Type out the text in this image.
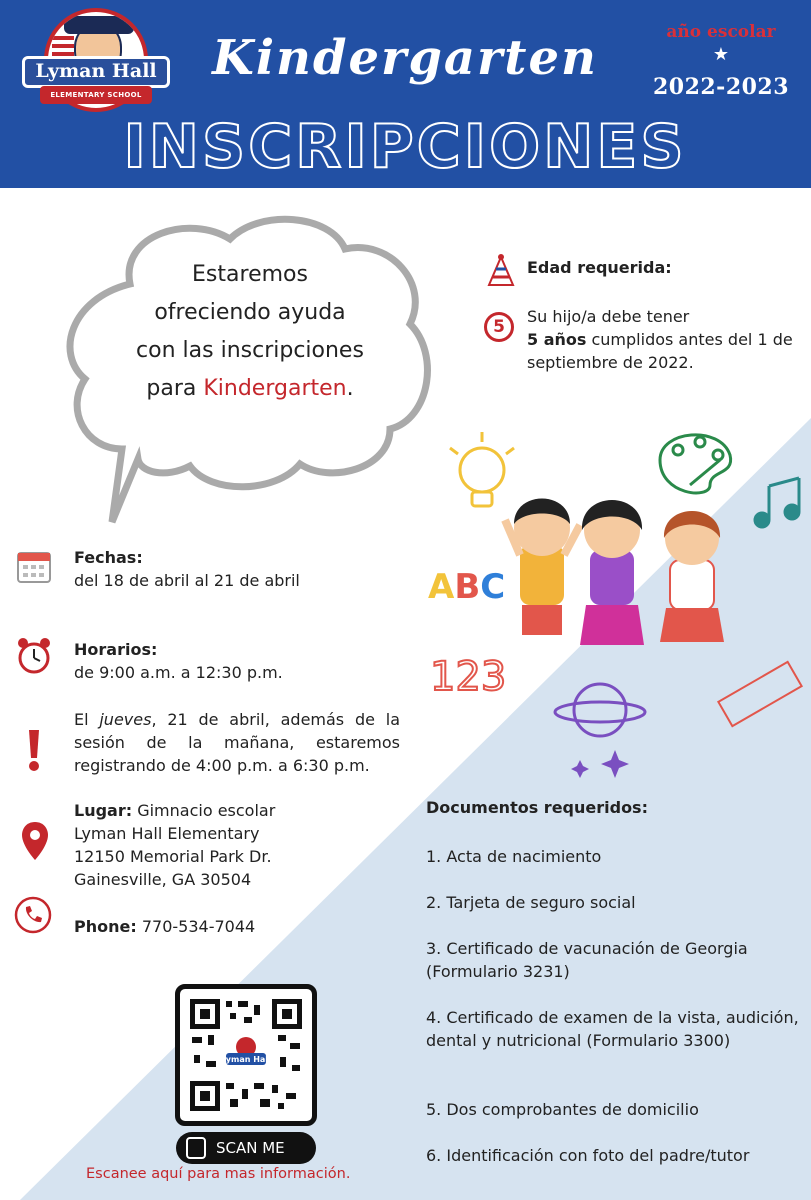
Lyman Hall
ELEMENTARY SCHOOL
Kindergarten
INSCRIPCIONES
año escolar
★
2022-2023
Estaremos
ofreciendo ayuda
con las inscripciones
para Kindergarten.
Edad requerida:
5
Su hijo/a debe tener
5 años cumplidos antes del 1 de septiembre de 2022.
ABC
123
Fechas:
del 18 de abril al 21 de abril
Horarios:
de 9:00 a.m. a 12:30 p.m.
El jueves, 21 de abril, además de la sesión de la mañana, estaremos registrando de 4:00 p.m. a 6:30 p.m.
Lugar: Gimnacio escolar
Lyman Hall Elementary
12150 Memorial Park Dr.
Gainesville, GA 30504
Phone: 770-534-7044
Documentos requeridos:
1. Acta de nacimiento
2. Tarjeta de seguro social
3. Certificado de vacunación de Georgia (Formulario 3231)
4. Certificado de examen de la vista, audición, dental y nutricional (Formulario 3300)
5. Dos comprobantes de domicilio
6. Identificación con foto del padre/tutor
Lyman Hall
SCAN ME
Escanee aquí para mas información.
